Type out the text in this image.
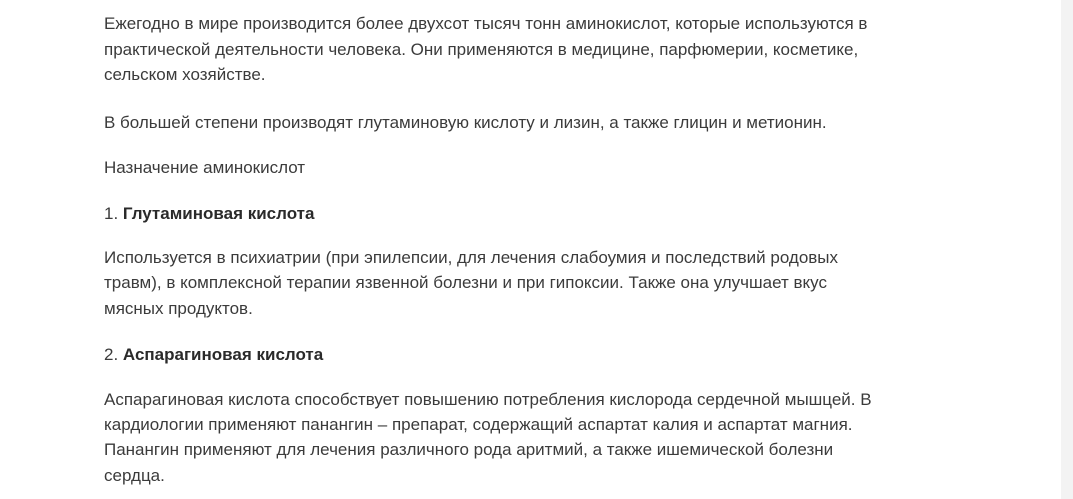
Ежегодно в мире производится более двухсот тысяч тонн аминокислот, которые используются в
практической деятельности человека. Они применяются в медицине, парфюмерии, косметике,
сельском хозяйстве.
В большей степени производят глутаминовую кислоту и лизин, а также глицин и метионин.
Назначение аминокислот
1. Глутаминовая кислота
Используется в психиатрии (при эпилепсии, для лечения слабоумия и последствий родовых
травм), в комплексной терапии язвенной болезни и при гипоксии. Также она улучшает вкус
мясных продуктов.
2. Аспарагиновая кислота
Аспарагиновая кислота способствует повышению потребления кислорода сердечной мышцей. В
кардиологии применяют панангин – препарат, содержащий аспартат калия и аспартат магния.
Панангин применяют для лечения различного рода аритмий, а также ишемической болезни
сердца.
